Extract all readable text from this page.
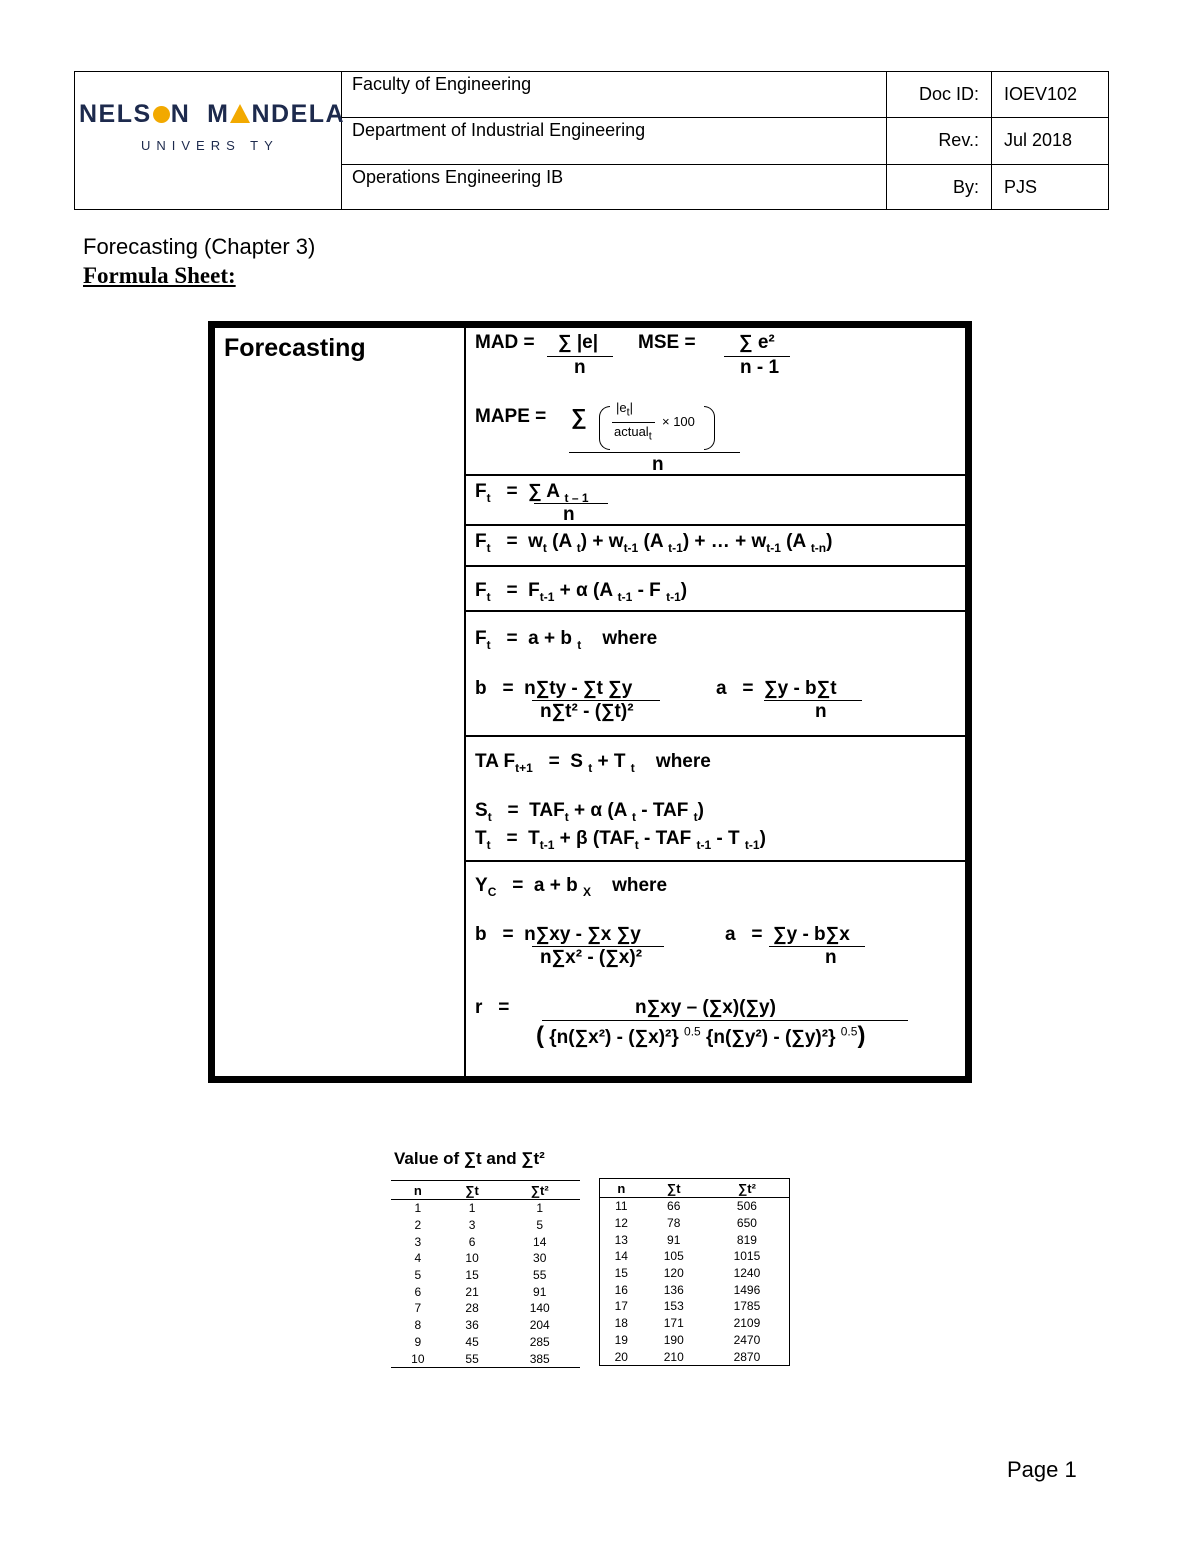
NELS N M NDELA
UNIVERS TY
Faculty of Engineering	Doc ID:	IOEV102
Department of Industrial Engineering	Rev.:	Jul 2018
Operations Engineering IB	By:	PJS
Forecasting (Chapter 3)
Formula Sheet:
Forecasting	MAD = ∑ |e|
n
MSE = ∑ e²
n - 1
MAPE = ∑ $|e_t|$
actual$_t$
× 100
n
$F_t$   =  ∑ A $_{t - 1}$
n
$F_t = w_t$ (A $_t) + w_{t-1}$ (A $_{t-1}$) + … + $w_{t-1}$ (A $_{t-n}$)
$F_t = F_{t-1} + \alpha$ (A $_{t-1}$ - F $_{t-1}$)
$F_t = a + b$ $_t$    where
b   =  n∑ty - ∑t ∑y
n∑t² - (∑t)²
a   =  ∑y - b∑t
n
TA $F_{t+1} = S$ $_t$ + T $_t$    where
$S_t = TAF_t + \alpha$ (A $_t$ - TAF $_t$)
$T_t = T_{t-1} + \beta$ ($TAF_t$ - TAF $_{t-1}$ - T $_{t-1}$)
$Y_C = a + b$ $_X$    where
b   =  n∑xy - ∑x ∑y
n∑x² - (∑x)²
a   =  ∑y - b∑x
n
r   =	n∑xy – (∑x)(∑y)
( {n(∑x²) - (∑x)²} $^{0.5}$ {n(∑y²) - (∑y)²} $^{0.5}$)
Value of ∑t and ∑t²
n	∑t	∑t²
1	1	1
2	3	5
3	6	14
4	10	30
5	15	55
6	21	91
7	28	140
8	36	204
9	45	285
10	55	385
n	∑t	∑t²
11	66	506
12	78	650
13	91	819
14	105	1015
15	120	1240
16	136	1496
17	153	1785
18	171	2109
19	190	2470
20	210	2870
Page 1
